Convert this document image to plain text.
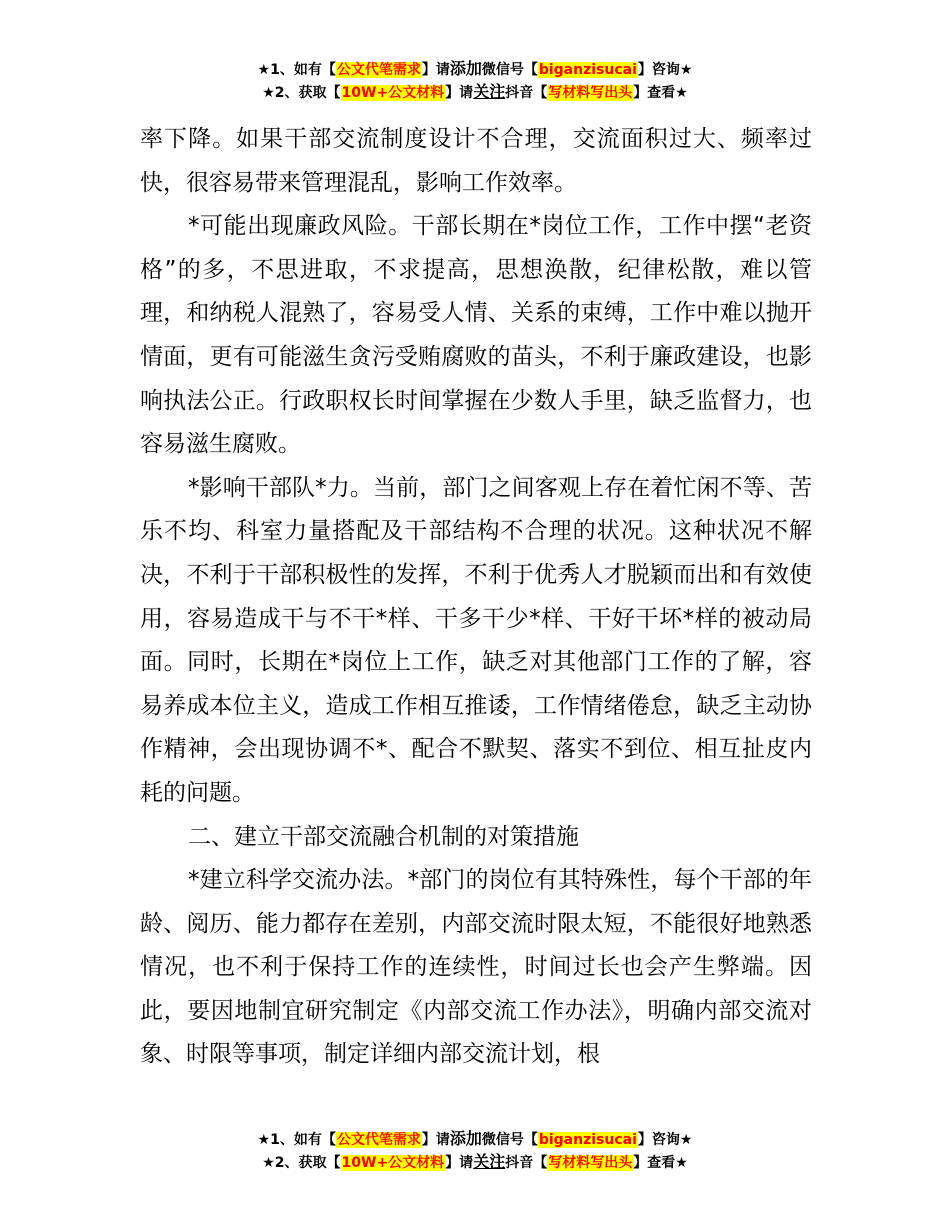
★1、如有【公文代笔需求】请添加微信号【biganzisucai】咨询★
★2、获取【10W+公文材料】请关注抖音【写材料写出头】查看★

率下降。如果干部交流制度设计不合理，交流面积过大、频率过快，很容易带来管理混乱，影响工作效率。

*可能出现廉政风险。干部长期在*岗位工作，工作中摆“老资格”的多，不思进取，不求提高，思想涣散，纪律松散，难以管理，和纳税人混熟了，容易受人情、关系的束缚，工作中难以抛开情面，更有可能滋生贪污受贿腐败的苗头，不利于廉政建设，也影响执法公正。行政职权长时间掌握在少数人手里，缺乏监督力，也容易滋生腐败。

*影响干部队*力。当前，部门之间客观上存在着忙闲不等、苦乐不均、科室力量搭配及干部结构不合理的状况。这种状况不解决，不利于干部积极性的发挥，不利于优秀人才脱颖而出和有效使用，容易造成干与不干*样、干多干少*样、干好干坏*样的被动局面。同时，长期在*岗位上工作，缺乏对其他部门工作的了解，容易养成本位主义，造成工作相互推诿，工作情绪倦怠，缺乏主动协作精神，会出现协调不*、配合不默契、落实不到位、相互扯皮内耗的问题。

二、建立干部交流融合机制的对策措施

*建立科学交流办法。*部门的岗位有其特殊性，每个干部的年龄、阅历、能力都存在差别，内部交流时限太短，不能很好地熟悉情况，也不利于保持工作的连续性，时间过长也会产生弊端。因此，要因地制宜研究制定《内部交流工作办法》，明确内部交流对象、时限等事项，制定详细内部交流计划，根

★1、如有【公文代笔需求】请添加微信号【biganzisucai】咨询★
★2、获取【10W+公文材料】请关注抖音【写材料写出头】查看★
